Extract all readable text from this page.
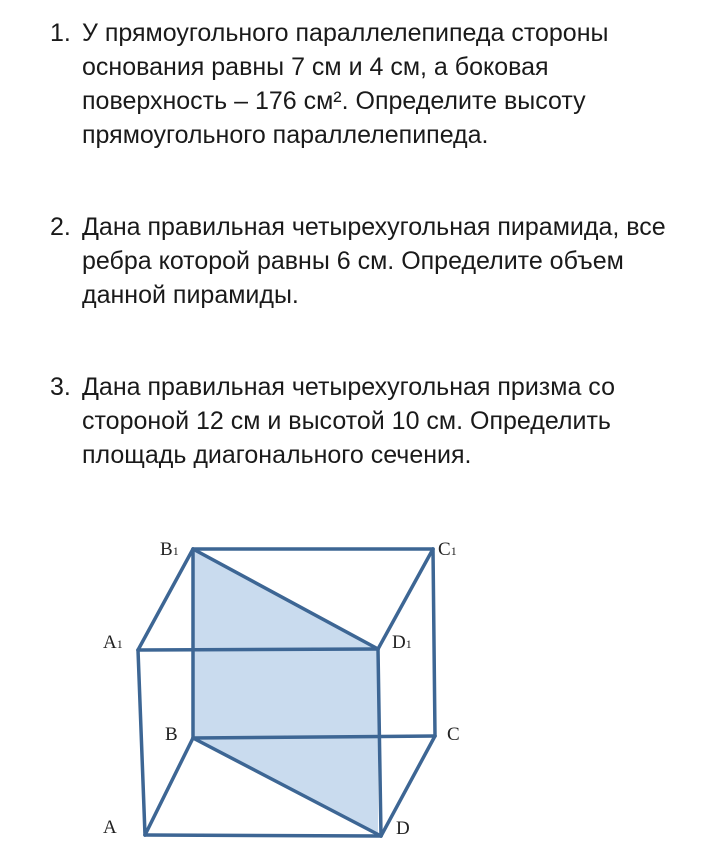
1. У прямоугольного параллелепипеда стороны
основания равны 7 см и 4 см, а боковая
поверхность – 176 см². Определите высоту
прямоугольного параллелепипеда.
2. Дана правильная четырехугольная пирамида, все
ребра которой равны 6 см. Определите объем
данной пирамиды.
3. Дана правильная четырехугольная призма со
стороной 12 см и высотой 10 см. Определить
площадь диагонального сечения.
B1	C1
A1	D1
B	C
A	D
